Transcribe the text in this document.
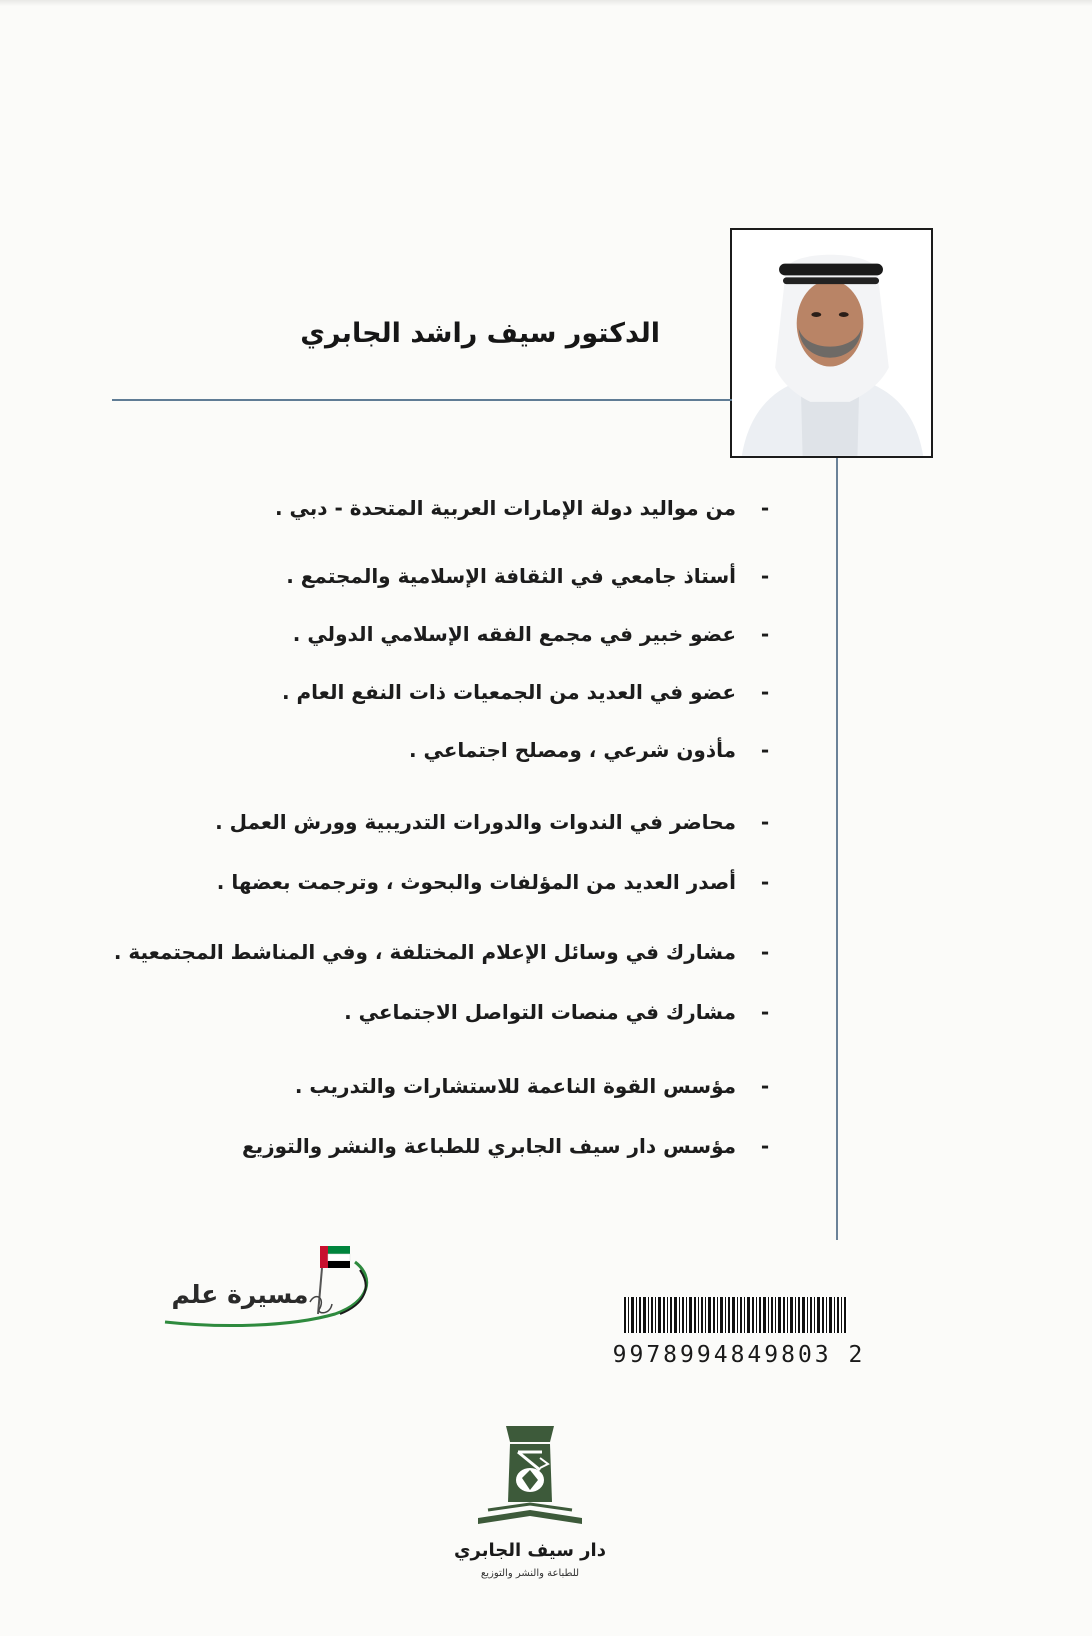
الدكتور سيف راشد الجابري
-من مواليد دولة الإمارات العربية المتحدة - دبي .
-أستاذ جامعي في الثقافة الإسلامية والمجتمع .
-عضو خبير في مجمع الفقه الإسلامي الدولي .
-عضو في العديد من الجمعيات ذات النفع العام .
-مأذون شرعي ، ومصلح اجتماعي .
-محاضر في الندوات والدورات التدريبية وورش العمل .
-أصدر العديد من المؤلفات والبحوث ، وترجمت بعضها .
-مشارك في وسائل الإعلام المختلفة ، وفي المناشط المجتمعية .
-مشارك في منصات التواصل الاجتماعي .
-مؤسس القوة الناعمة للاستشارات والتدريب .
-مؤسس دار سيف الجابري للطباعة والنشر والتوزيع
مسيرة علم
9978994849803 2
دار سيف الجابري
للطباعة والنشر والتوزيع
